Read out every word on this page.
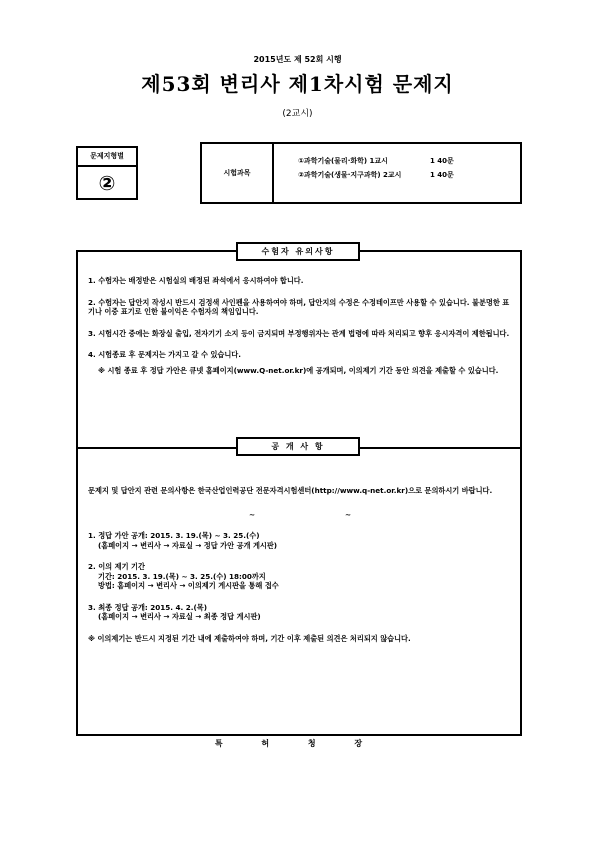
2015년도 제 52회 시행
제53회 변리사 제1차시험 문제지
(2교시)
문제지형별
②	시험과목
①과학기술(물리·화학) 1교시	1 40문
②과학기술(생물·지구과학) 2교시	1 40문
수험자 유의사항
공 개 사 항

1. 수험자는 배정받은 시험실의 배정된 좌석에서 응시하여야 합니다.

2. 수험자는 답안지 작성시 반드시 검정색 사인펜을 사용하여야 하며, 답안지의 수정은 수정테이프만 사용할 수 있습니다. 불분명한 표기나 이중 표기로 인한 불이익은 수험자의 책임입니다.

3. 시험시간 중에는 화장실 출입, 전자기기 소지 등이 금지되며 부정행위자는 관계 법령에 따라 처리되고 향후 응시자격이 제한됩니다.

4. 시험종료 후 문제지는 가지고 갈 수 있습니다.

※ 시험 종료 후 정답 가안은 큐넷 홈페이지(www.Q-net.or.kr)에 공개되며, 이의제기 기간 동안 의견을 제출할 수 있습니다.

문제지 및 답안지 관련 문의사항은 한국산업인력공단 전문자격시험센터(http://www.q-net.or.kr)으로 문의하시기 바랍니다.

~	~

1. 정답 가안 공개: 2015. 3. 19.(목) ~ 3. 25.(수)

(홈페이지 → 변리사 → 자료실 → 정답 가안 공개 게시판)

2. 이의 제기 기간

기간: 2015. 3. 19.(목) ~ 3. 25.(수) 18:00까지

방법: 홈페이지 → 변리사 → 이의제기 게시판을 통해 접수

3. 최종 정답 공개: 2015. 4. 2.(목)

(홈페이지 → 변리사 → 자료실 → 최종 정답 게시판)

※ 이의제기는 반드시 지정된 기간 내에 제출하여야 하며, 기간 이후 제출된 의견은 처리되지 않습니다.

특 허 청 장
